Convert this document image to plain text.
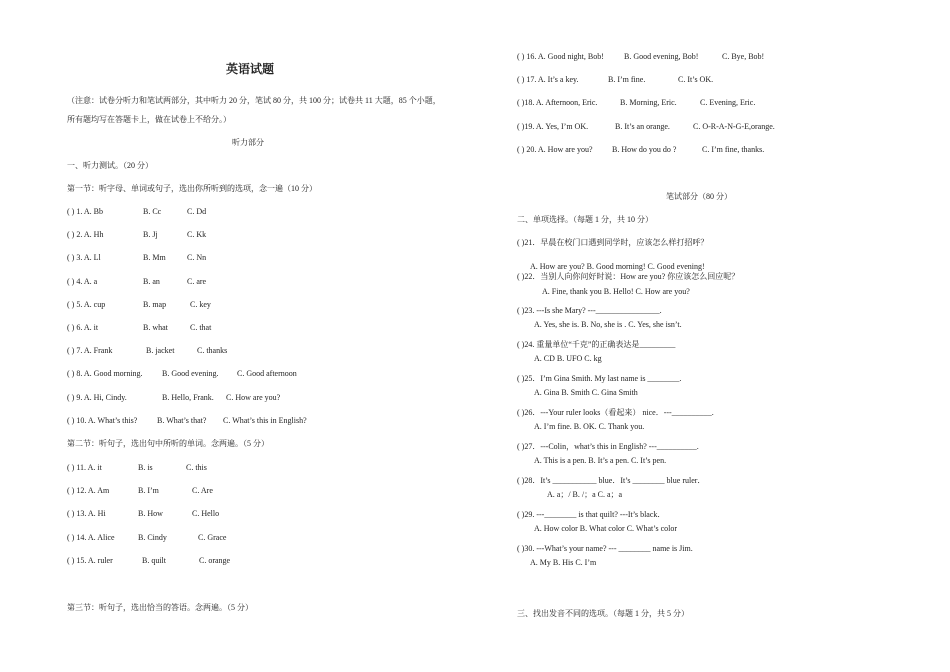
英语试题
（注意：试卷分听力和笔试两部分，其中听力 20 分，笔试 80 分，共 100 分；试卷共 11 大题，85 个小题，
所有题均写在答题卡上，做在试卷上不给分。）
听力部分
一、听力测试。（20 分）
第一节：听字母、单词或句子，选出你所听到的选项，念一遍（10 分）
( ) 1. A. Bb	B. Cc	C. Dd
( ) 2. A. Hh	B. Jj	C. Kk
( ) 3. A. Ll	B. Mm	C. Nn
( ) 4. A. a	B. an	C. are
( ) 5. A. cup	B. map	C. key
( ) 6. A. it	B. what	C. that
( ) 7. A. Frank	B. jacket	C. thanks
( ) 8. A. Good morning. B. Good evening. C. Good afternoon
( ) 9. A. Hi, Cindy.	B. Hello, Frank. C. How are you?
( ) 10. A. What’s this? B. What’s that? C. What’s this in English?
第二节：听句子，选出句中所听的单词。念两遍。（5 分）
( ) 11. A. it	B. is	C. this
( ) 12. A. Am	B. I’m	C. Are
( ) 13. A. Hi	B. How	C. Hello
( ) 14. A. Alice	B. Cindy	C. Grace
( ) 15. A. ruler	B. quilt	C. orange
第三节：听句子，选出恰当的答语。念两遍。（5 分）
( ) 16. A. Good night, Bob!	B. Good evening, Bob!	C. Bye, Bob!
( ) 17. A. It’s a key.	B. I’m fine.	C. It’s OK.
( )18. A. Afternoon, Eric.	B. Morning, Eric.	C. Evening, Eric.
( )19. A. Yes, I’m OK.	B. It’s an orange.	C. O-R-A-N-G-E,orange.
( ) 20. A. How are you? B. How do you do ?	C. I’m fine, thanks.
笔试部分（80 分）
二、单项选择。（每题 1 分，共 10 分）
( )21．早晨在校门口遇到同学时，应该怎么样打招呼？
A. How are you? B. Good morning! C. Good evening!
( )22．当别人向你问好时说：How are you? 你应该怎么回应呢？
A. Fine, thank you B. Hello! C. How are you?
( )23. ---Is she Mary? ---________________.
A. Yes, she is. B. No, she is . C. Yes, she isn’t.
( )24. 重量单位“千克”的正确表达是_________
A. CD B. UFO C. kg
( )25．I’m Gina Smith. My last name is ________.
A. Gina B. Smith C. Gina Smith
( )26．---Your ruler looks（看起来） nice．---__________.
A. I’m fine. B. OK. C. Thank you.
( )27．---Colin，what’s this in English? ---__________.
A. This is a pen. B. It’s a pen. C. It’s pen.
( )28．It’s ___________ blue．It’s ________ blue ruler．
A. a；/ B. /；a C. a；a
( )29. ---________ is that quilt? ---It’s black．
A. How color B. What color C. What’s color
( )30. ---What’s your name? --- ________ name is Jim.
A. My B. His C. I’m
三、找出发音不同的选项。（每题 1 分，共 5 分）
